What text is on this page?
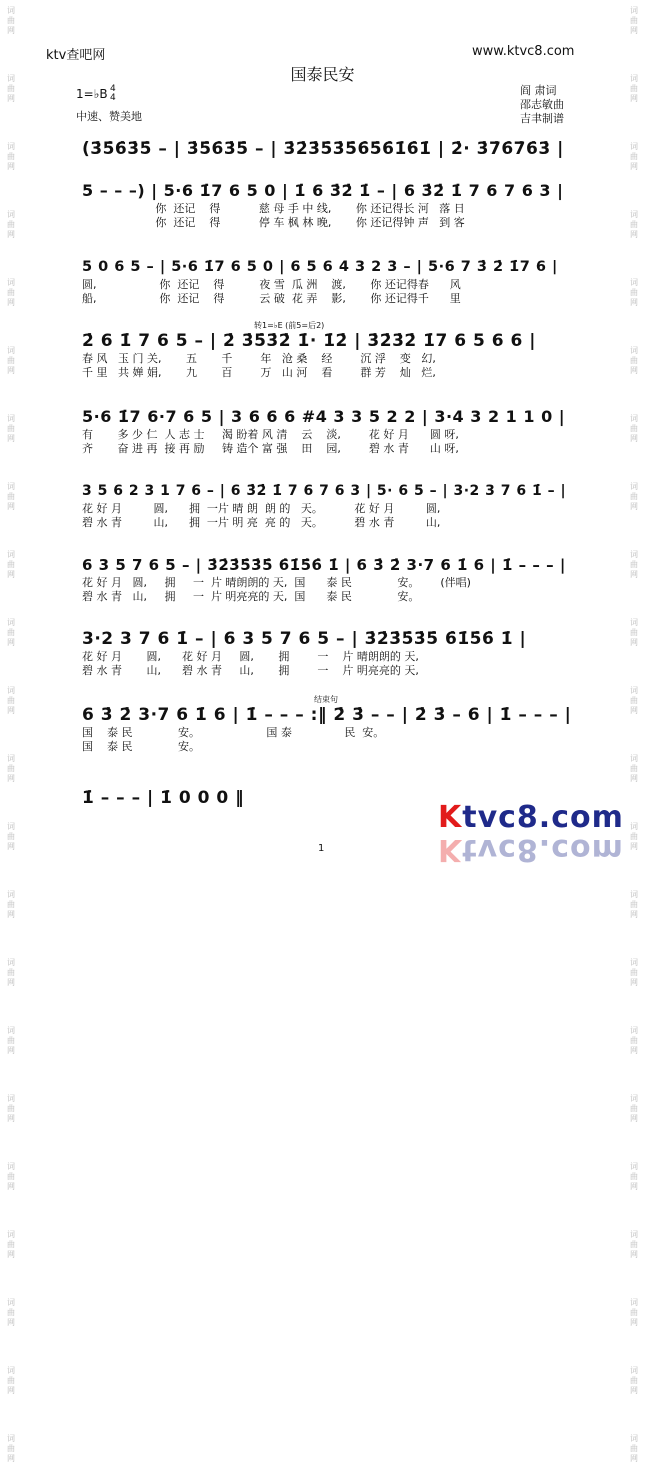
词
曲
网
词
曲
网
词
曲
网
词
曲
网
词
曲
网
词
曲
网
词
曲
网
词
曲
网
词
曲
网
词
曲
网
词
曲
网
词
曲
网
词
曲
网
词
曲
网
词
曲
网
词
曲
网
词
曲
网
词
曲
网
词
曲
网
词
曲
网
词
曲
网
词
曲
网
词
曲
网
词
曲
网
词
曲
网
词
曲
网
词
曲
网
词
曲
网
词
曲
网
词
曲
网
词
曲
网
词
曲
网
词
曲
网
词
曲
网
词
曲
网
词
曲
网
词
曲
网
词
曲
网
词
曲
网
词
曲
网
词
曲
网
词
曲
网
词
曲
网
词
曲
网
ktv查吧网	www.ktvc8.com
国泰民安
1=♭B 4
4
中速、赞美地
阎 肃词
邵志敏曲
吉聿制谱
(3̇5̇6̇3̇5̇ – | 3̇5̇6̇3̇5̇ – | 3̇2̇3̇5̇3̇5̇6̇5̇6̇1̇6̇1̇ | 2̇· 3̇7̇6̇7̇6̇3̇ |
5 – – –) | 5·6 1̇7 6 5 0 | 1̇ 6 3̇2̇ 1̇ – | 6 3̇2̇ 1̇ 7 6 7 6 3 |
你  还记    得           慈 母 手 中 线,       你 还记得长 河   落 日
你  还记    得           停 车 枫 林 晚,       你 还记得钟 声   到 客
5 0 6 5 – | 5·6 1̇7 6 5 0 | 6 5 6 4 3 2 3 – | 5·6 7 3̇ 2̇ 1̇7 6 |
圆,                  你  还记    得          夜 雪  瓜 洲    渡,       你 还记得春      风
船,                  你  还记    得          云 破  花 弄    影,       你 还记得千      里
转1=♭E (前5=后2)
2̇ 6 1̇ 7 6 5 – | 2̇ 3̇5̇3̇2̇ 1̇· 1̇2̇ | 3̇2̇3̇2̇ 1̇7 6 5 6 6 |
春 风   玉 门 关,       五       千        年   沧 桑    经        沉 浮    变   幻,
千 里   共 婵 娟,       九       百        万   山 河    看        群 芳    灿   烂,
5·6 1̇7 6·7 6 5 | 3 6 6 6 #4 3 3 5 2 2 | 3·4 3 2 1 1 0 |
有       多 少 仁  人 志 士     渴 盼着 风 清    云    淡,        花 好 月      圆 呀,
齐       奋 进 再  接 再 励     铸 造个 富 强    田    园,        碧 水 青      山 呀,
3 5 6 2 3 1 7 6 – | 6 3̇2̇ 1̇ 7 6 7 6 3 | 5· 6 5 – | 3·2 3 7 6 1̇ – |
花 好 月         圆,      拥  一片 晴 朗  朗 的   天。         花 好 月         圆,
碧 水 青         山,      拥  一片 明 亮  亮 的   天。         碧 水 青         山,
6 3 5 7 6 5 – | 3̇2̇3̇5̇3̇5̇ 6̇1̇5̇6̇ 1̇ | 6 3̇ 2̇ 3·7 6 1̇ 6 | 1̇ – – – |
花 好 月   圆,     拥     一  片 晴朗朗的 天,  国      泰 民             安。      (伴唱)
碧 水 青   山,     拥     一  片 明亮亮的 天,  国      泰 民             安。
3·2 3 7 6 1̇ – | 6 3 5 7 6 5 – | 3̇2̇3̇5̇3̇5̇ 6̇1̇5̇6̇ 1̇ |
花 好 月       圆,      花 好 月     圆,       拥        一    片 晴朗朗的 天,
碧 水 青       山,      碧 水 青     山,       拥        一    片 明亮亮的 天,
结束句
6 3̇ 2̇ 3·7 6 1̇ 6 | 1̇ – – – :‖ 2̇ 3̇ – – | 2̇ 3̇ – 6 | 1̇ – – – |
国    泰 民             安。                   国 泰               民  安。
国    泰 民             安。
1̇ – – – | 1̇ 0 0 0 ‖
1
Ktvc8.com
Ktvc8.com
